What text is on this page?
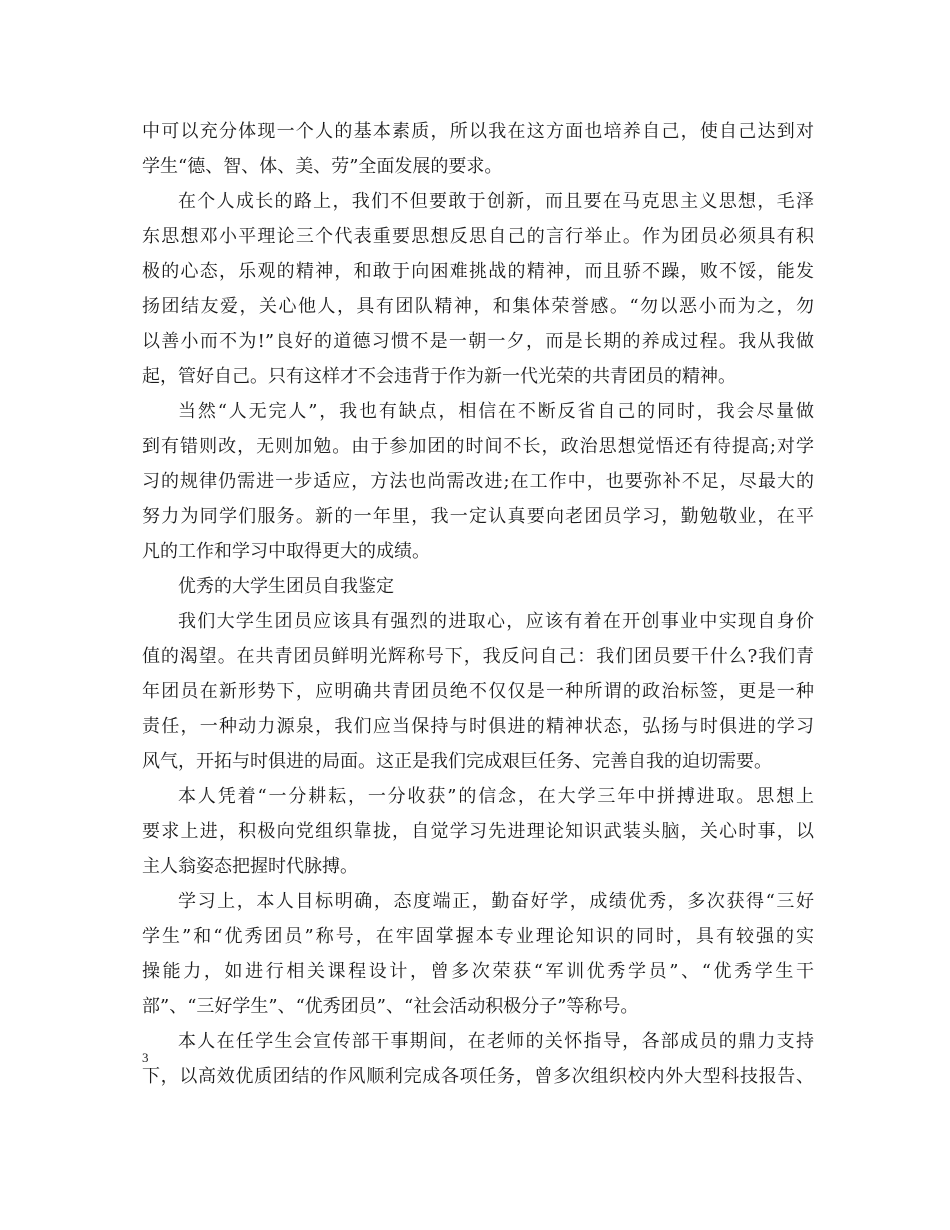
中可以充分体现一个人的基本素质，所以我在这方面也培养自己，使自己达到对
学生“德、智、体、美、劳”全面发展的要求。
在个人成长的路上，我们不但要敢于创新，而且要在马克思主义思想，毛泽
东思想邓小平理论三个代表重要思想反思自己的言行举止。作为团员必须具有积
极的心态，乐观的精神，和敢于向困难挑战的精神，而且骄不躁，败不馁，能发
扬团结友爱，关心他人，具有团队精神，和集体荣誉感。“勿以恶小而为之，勿
以善小而不为!”良好的道德习惯不是一朝一夕，而是长期的养成过程。我从我做
起，管好自己。只有这样才不会违背于作为新一代光荣的共青团员的精神。
当然“人无完人”，我也有缺点，相信在不断反省自己的同时，我会尽量做
到有错则改，无则加勉。由于参加团的时间不长，政治思想觉悟还有待提高;对学
习的规律仍需进一步适应，方法也尚需改进;在工作中，也要弥补不足，尽最大的
努力为同学们服务。新的一年里，我一定认真要向老团员学习，勤勉敬业，在平
凡的工作和学习中取得更大的成绩。
优秀的大学生团员自我鉴定
我们大学生团员应该具有强烈的进取心，应该有着在开创事业中实现自身价
值的渴望。在共青团员鲜明光辉称号下，我反问自己：我们团员要干什么?我们青
年团员在新形势下，应明确共青团员绝不仅仅是一种所谓的政治标签，更是一种
责任，一种动力源泉，我们应当保持与时俱进的精神状态，弘扬与时俱进的学习
风气，开拓与时俱进的局面。这正是我们完成艰巨任务、完善自我的迫切需要。
本人凭着“一分耕耘，一分收获”的信念，在大学三年中拼搏进取。思想上
要求上进，积极向党组织靠拢，自觉学习先进理论知识武装头脑，关心时事，以
主人翁姿态把握时代脉搏。
学习上，本人目标明确，态度端正，勤奋好学，成绩优秀，多次获得“三好
学生”和“优秀团员”称号，在牢固掌握本专业理论知识的同时，具有较强的实
操能力，如进行相关课程设计，曾多次荣获“军训优秀学员”、“优秀学生干
部”、“三好学生”、“优秀团员”、“社会活动积极分子”等称号。
本人在任学生会宣传部干事期间，在老师的关怀指导，各部成员的鼎力支持
下，以高效优质团结的作风顺利完成各项任务，曾多次组织校内外大型科技报告、
3
